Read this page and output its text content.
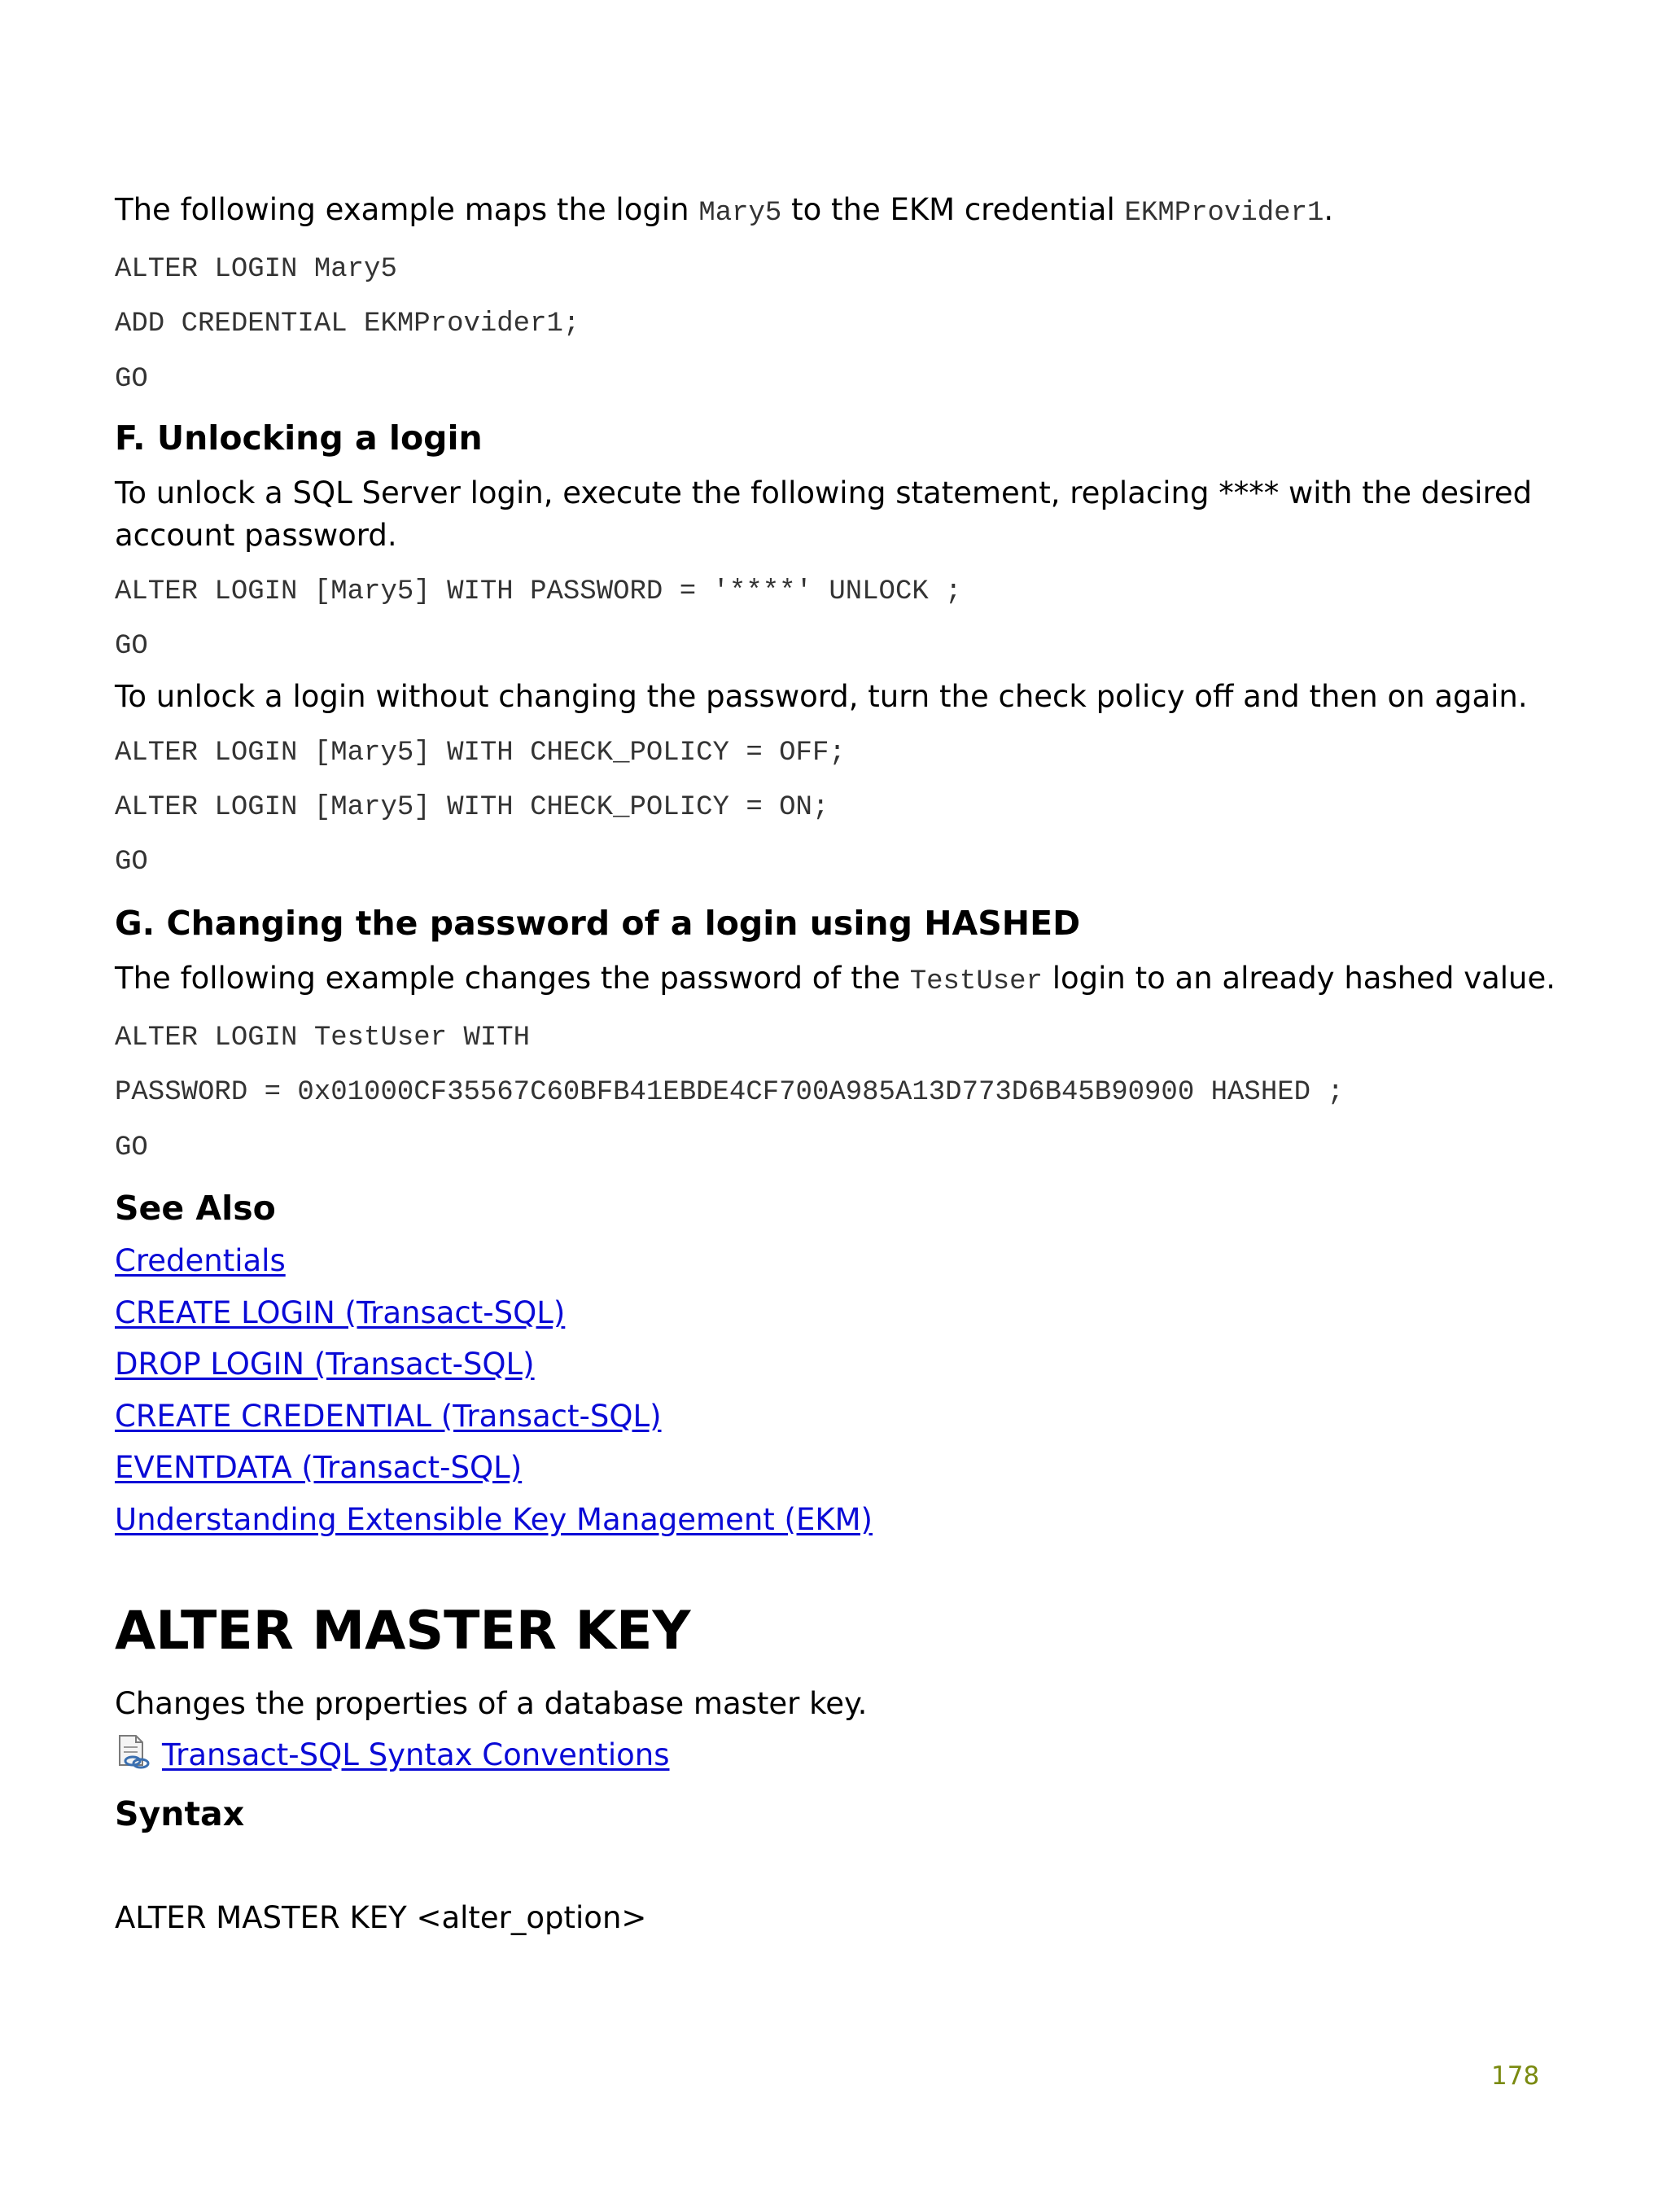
The following example maps the login Mary5 to the EKM credential EKMProvider1.
ALTER LOGIN Mary5
ADD CREDENTIAL EKMProvider1;
GO
F. Unlocking a login
To unlock a SQL Server login, execute the following statement, replacing **** with the desired account password.
ALTER LOGIN [Mary5] WITH PASSWORD = '****' UNLOCK ;
GO
To unlock a login without changing the password, turn the check policy off and then on again.
ALTER LOGIN [Mary5] WITH CHECK_POLICY = OFF;
ALTER LOGIN [Mary5] WITH CHECK_POLICY = ON;
GO
G. Changing the password of a login using HASHED
The following example changes the password of the TestUser login to an already hashed value.
ALTER LOGIN TestUser WITH
PASSWORD = 0x01000CF35567C60BFB41EBDE4CF700A985A13D773D6B45B90900 HASHED ;
GO
See Also
Credentials
CREATE LOGIN (Transact-SQL)
DROP LOGIN (Transact-SQL)
CREATE CREDENTIAL (Transact-SQL)
EVENTDATA (Transact-SQL)
Understanding Extensible Key Management (EKM)
ALTER MASTER KEY
Changes the properties of a database master key.
Transact-SQL Syntax Conventions
Syntax
ALTER MASTER KEY <alter_option>
178
